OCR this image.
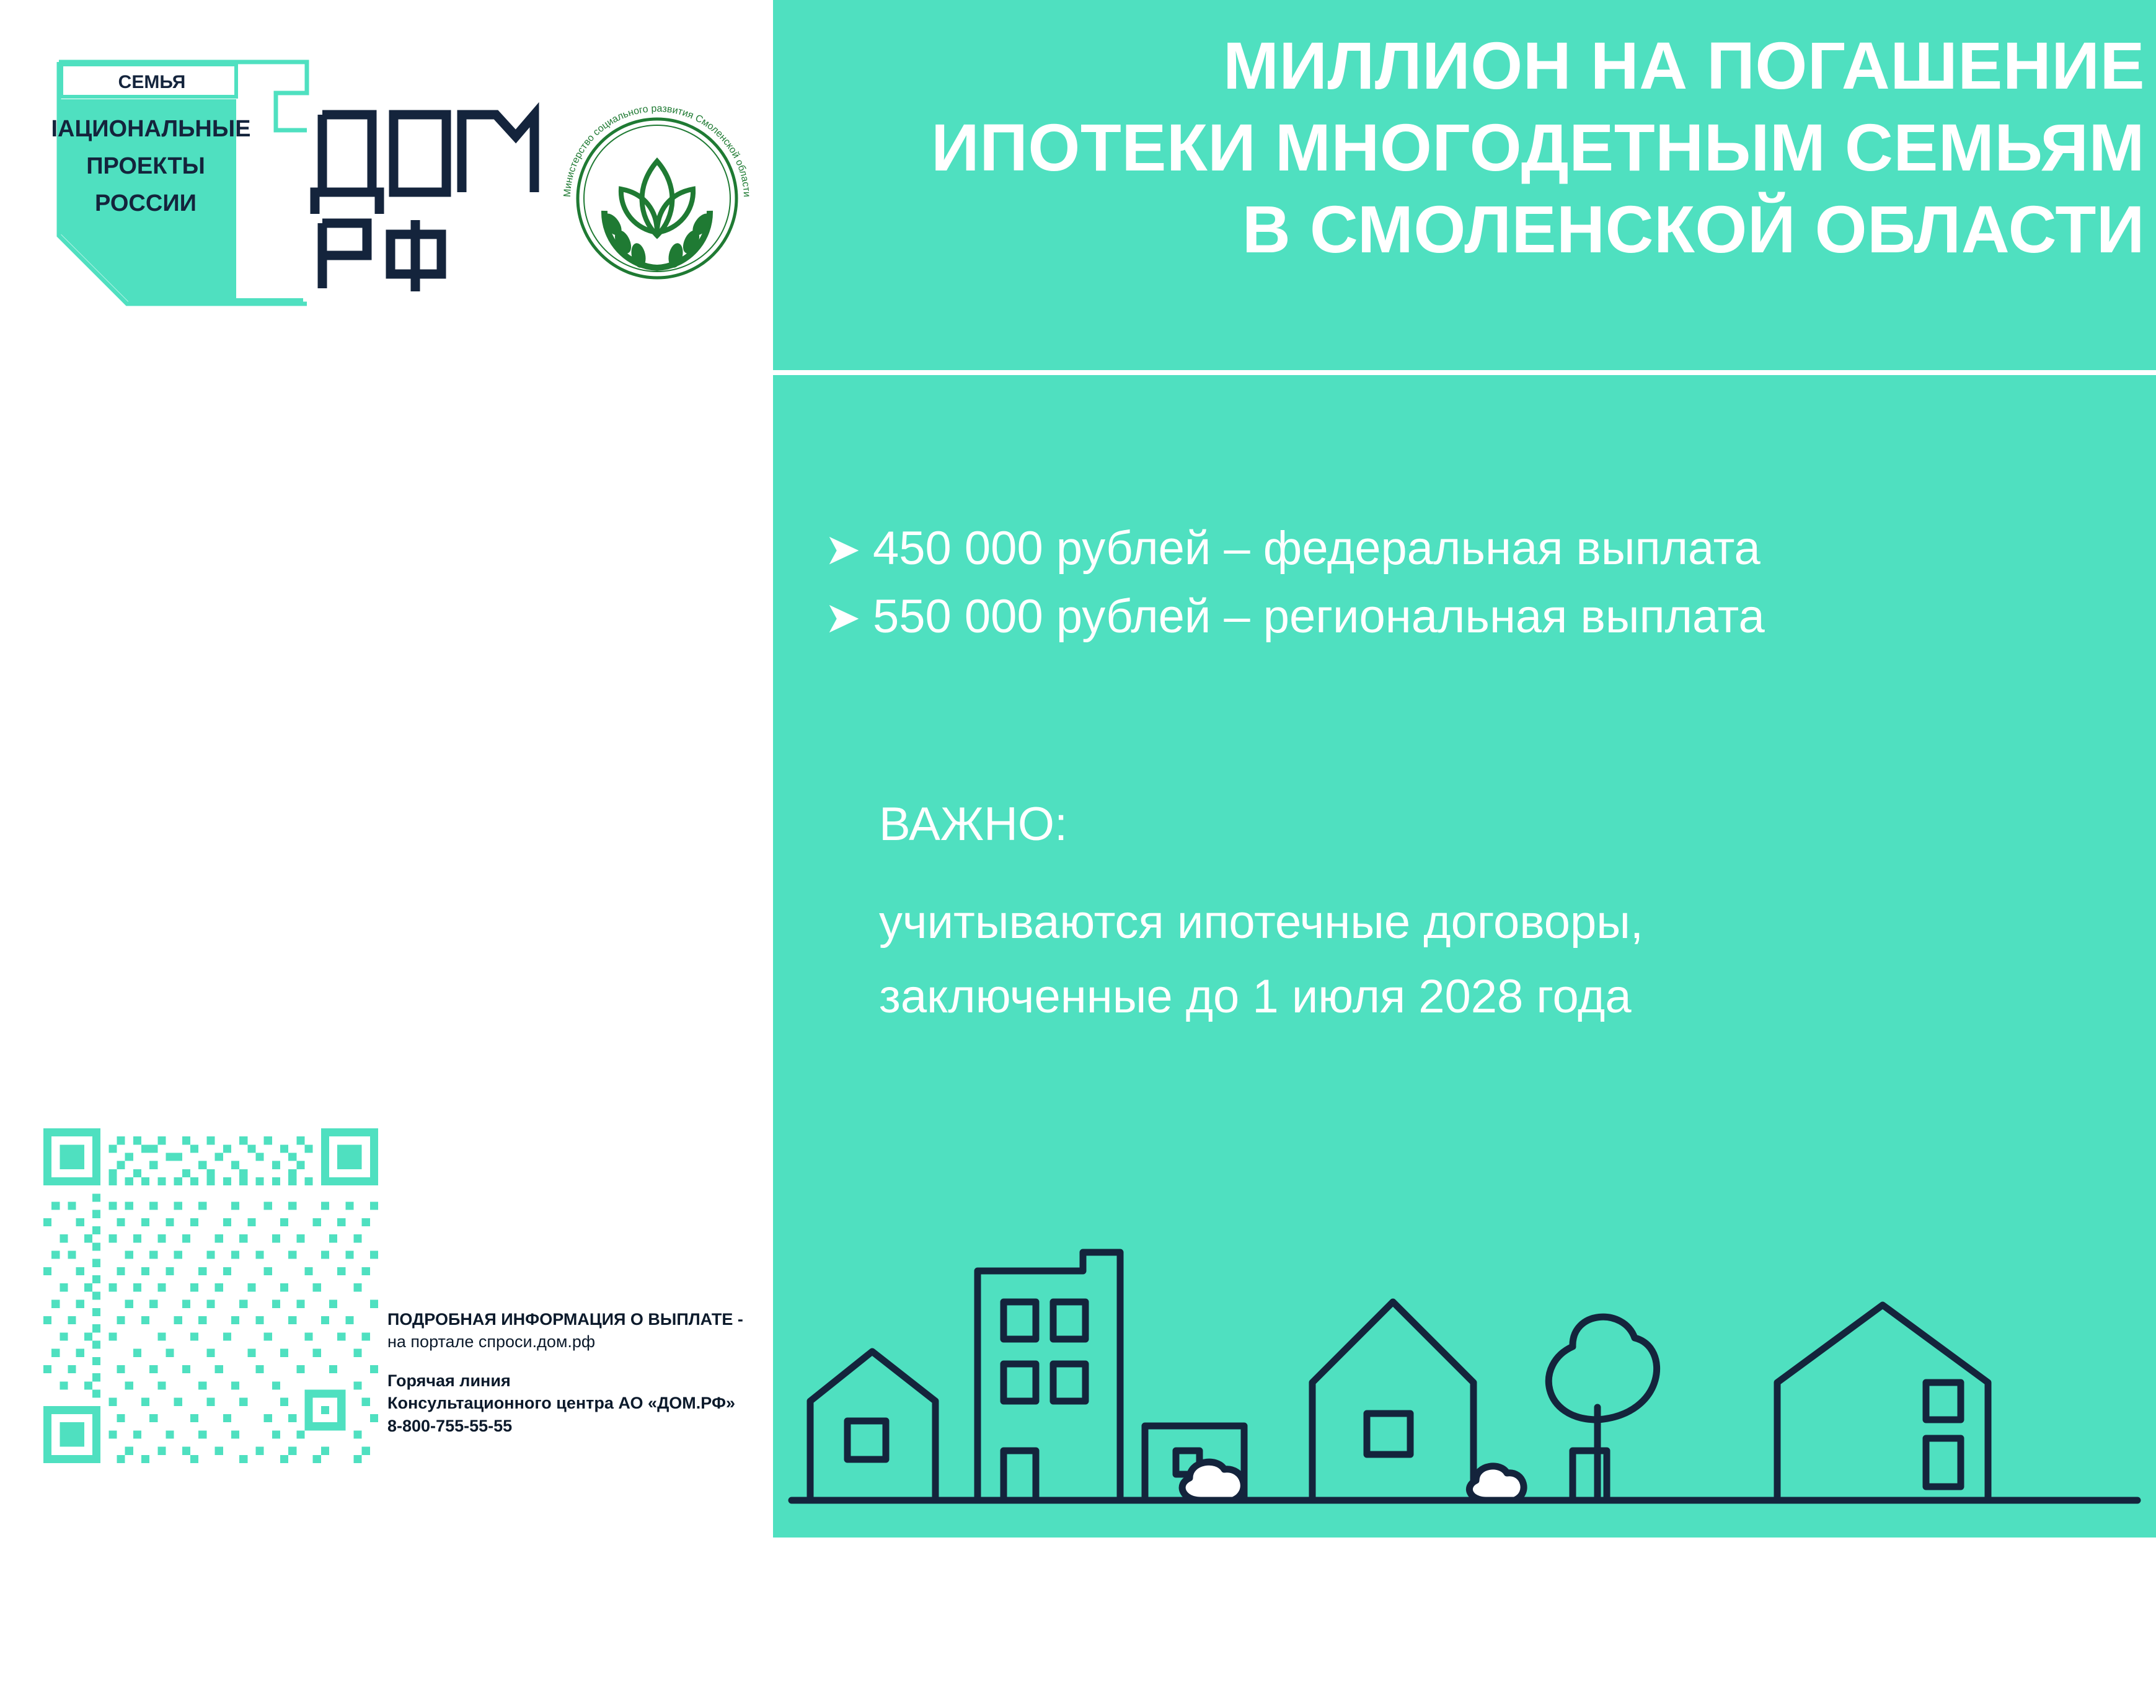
МИЛЛИОН НА ПОГАШЕНИЕ
ИПОТЕКИ МНОГОДЕТНЫМ СЕМЬЯМ
В СМОЛЕНСКОЙ ОБЛАСТИ
➤ 450 000 рублей – федеральная выплата
➤ 550 000 рублей – региональная выплата
ВАЖНО:
учитываются ипотечные договоры,
заключенные до 1 июля 2028 года
СЕМЬЯ
НАЦИОНАЛЬНЫЕ
ПРОЕКТЫ
РОССИИ	Министерство социального развития Смоленской области
ПОДРОБНАЯ ИНФОРМАЦИЯ О ВЫПЛАТЕ -
на портале спроси.дом.рф
Горячая линия
Консультационного центра АО «ДОМ.РФ»
8-800-755-55-55
